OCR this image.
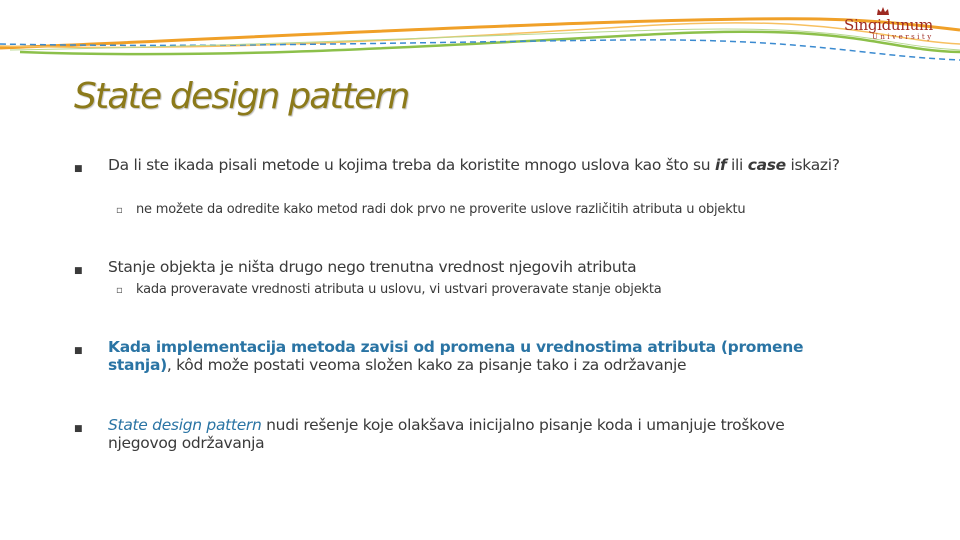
Singidunum
University
State design pattern
■ Da li ste ikada pisali metode u kojima treba da koristite mnogo uslova kao što su if ili case iskazi?
▫ ne možete da odredite kako metod radi dok prvo ne proverite uslove različitih atributa u objektu
■ Stanje objekta je ništa drugo nego trenutna vrednost njegovih atributa
▫ kada proveravate vrednosti atributa u uslovu, vi ustvari proveravate stanje objekta
■ Kada implementacija metoda zavisi od promena u vrednostima atributa (promene stanja), kôd može postati veoma složen kako za pisanje tako i za održavanje
■ State design pattern nudi rešenje koje olakšava inicijalno pisanje koda i umanjuje troškove njegovog održavanja
